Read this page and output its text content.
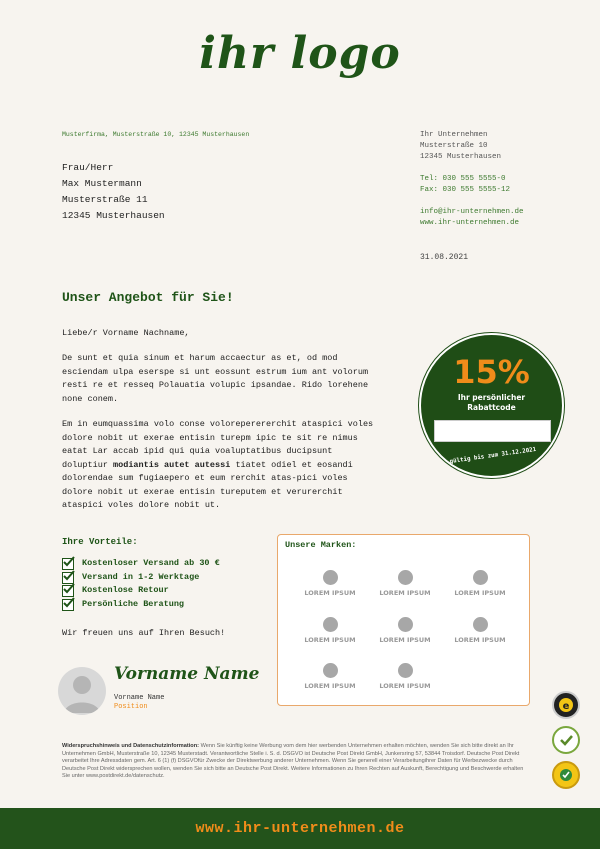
ihr logo
Musterfirma, Musterstraße 10, 12345 Musterhausen
Frau/Herr
Max Mustermann
Musterstraße 11
12345 Musterhausen
Ihr Unternehmen
Musterstraße 10
12345 Musterhausen
Tel: 030 555 5555-0
Fax: 030 555 5555-12
info@ihr-unternehmen.de
www.ihr-unternehmen.de
31.08.2021
Unser Angebot für Sie!
Liebe/r Vorname Nachname,
De sunt et quia sinum et harum accaectur as et, od mod esciendam ulpa eserspe si unt eossunt estrum ium ant volorum resti re et resseq Polauatia volupic ipsandae. Rido lorehene none conem.
Em in eumquassima volo conse voloreperererchit ataspici voles dolore nobit ut exerae entisin turepm ipic te sit re nimus eatat Lar accab ipid qui quia voaluptatibus ducipsunt doluptiur modiantis autet autessi tiatet odiel et eosandi dolorendae sum fugiaepero et eum rerchit atas-pici voles dolore nobit ut exerae entisin tureputem et verurerchit ataspici voles dolore nobit ut.
15%
Ihr persönlicher
Rabattcode
gültig bis zum 31.12.2021
Ihre Vorteile:
Kostenloser Versand ab 30 €
Versand in 1-2 Werktage
Kostenlose Retour
Persönliche Beratung
Wir freuen uns auf Ihren Besuch!
Vorname Name
Vorname Name
Position
Unsere Marken:
LOREM IPSUM	LOREM IPSUM	LOREM IPSUM
LOREM IPSUM	LOREM IPSUM	LOREM IPSUM
LOREM IPSUM	LOREM IPSUM
e
Widerspruchshinweis und Datenschutzinformation: Wenn Sie künftig keine Werbung vom dem hier werbenden Unternehmen erhalten möchten, wenden Sie sich bitte direkt an Ihr Unternehmen GmbH, Musterstraße 10, 12345 Musterstadt. Verantwortliche Stelle i. S. d. DSGVO ist Deutsche Post Direkt GmbH, Junkersring 57, 53844 Troisdorf. Deutsche Post Direkt verarbeitet Ihre Adressdaten gem. Art. 6 (1) (f) DSGVOfür Zwecke der Direktwerbung anderer Unternehmen. Wenn Sie generell einer Verarbeitungihrer Daten für Werbezwecke durch Deutsche Post Direkt widersprechen wollen, wenden Sie sich bitte an Deutsche Post Direkt. Weitere Informationen zu Ihren Rechten auf Auskunft, Berechtigung und Beschwerde erhalten Sie unter www.postdirekt.de/datenschutz.
www.ihr-unternehmen.de
